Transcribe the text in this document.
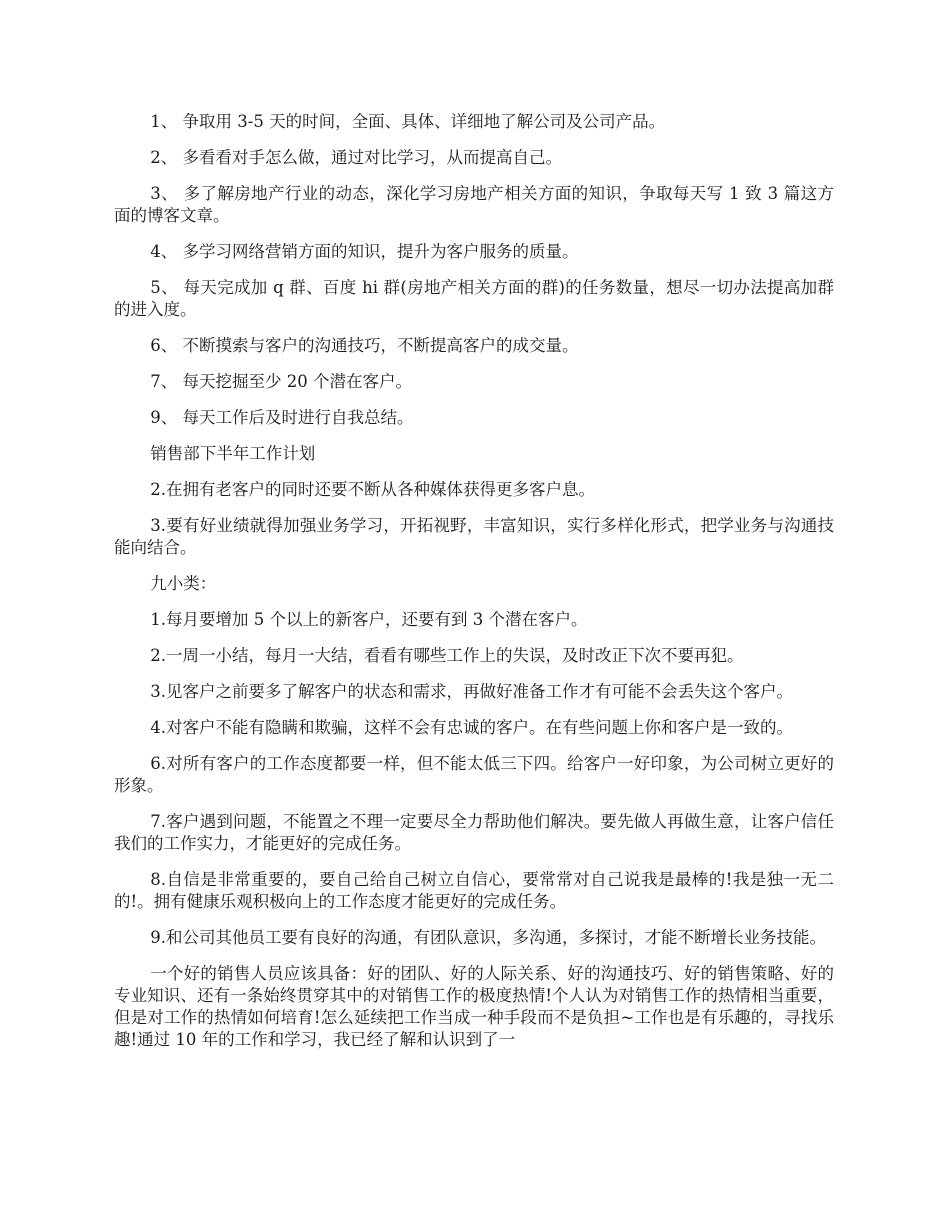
1、 争取用 3-5 天的时间，全面、具体、详细地了解公司及公司产品。

2、 多看看对手怎么做，通过对比学习，从而提高自己。

3、 多了解房地产行业的动态，深化学习房地产相关方面的知识，争取每天写 1 致 3 篇这方面的博客文章。

4、 多学习网络营销方面的知识，提升为客户服务的质量。

5、 每天完成加 q 群、百度 hi 群(房地产相关方面的群)的任务数量，想尽一切办法提高加群的进入度。

6、 不断摸索与客户的沟通技巧，不断提高客户的成交量。

7、 每天挖掘至少 20 个潜在客户。

9、 每天工作后及时进行自我总结。

销售部下半年工作计划

2.在拥有老客户的同时还要不断从各种媒体获得更多客户息。

3.要有好业绩就得加强业务学习，开拓视野，丰富知识，实行多样化形式，把学业务与沟通技能向结合。

九小类：

1.每月要增加 5 个以上的新客户，还要有到 3 个潜在客户。

2.一周一小结，每月一大结，看看有哪些工作上的失误，及时改正下次不要再犯。

3.见客户之前要多了解客户的状态和需求，再做好准备工作才有可能不会丢失这个客户。

4.对客户不能有隐瞒和欺骗，这样不会有忠诚的客户。在有些问题上你和客户是一致的。

6.对所有客户的工作态度都要一样，但不能太低三下四。给客户一好印象，为公司树立更好的形象。

7.客户遇到问题，不能置之不理一定要尽全力帮助他们解决。要先做人再做生意，让客户信任我们的工作实力，才能更好的完成任务。

8.自信是非常重要的，要自己给自己树立自信心，要常常对自己说我是最棒的!我是独一无二的!。拥有健康乐观积极向上的工作态度才能更好的完成任务。

9.和公司其他员工要有良好的沟通，有团队意识，多沟通，多探讨，才能不断增长业务技能。

一个好的销售人员应该具备：好的团队、好的人际关系、好的沟通技巧、好的销售策略、好的专业知识、还有一条始终贯穿其中的对销售工作的极度热情!个人认为对销售工作的热情相当重要，但是对工作的热情如何培育!怎么延续把工作当成一种手段而不是负担~工作也是有乐趣的，寻找乐趣!通过 10 年的工作和学习，我已经了解和认识到了一
